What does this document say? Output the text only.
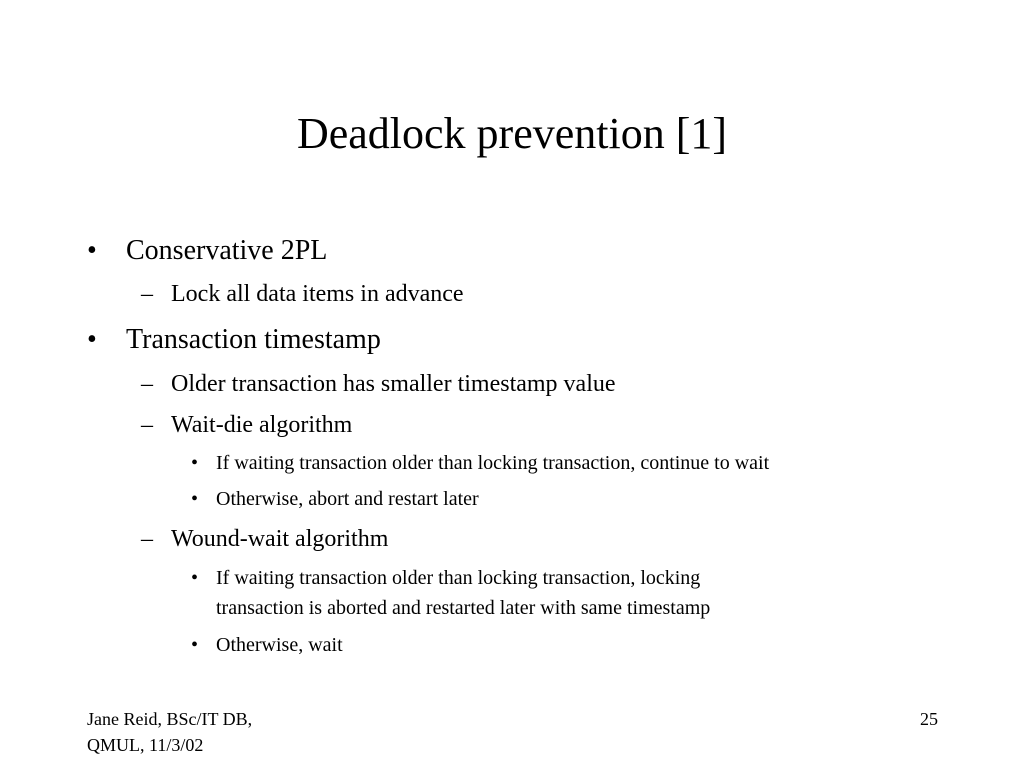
Deadlock prevention [1]
• Conservative 2PL
– Lock all data items in advance
• Transaction timestamp
– Older transaction has smaller timestamp value
– Wait-die algorithm
• If waiting transaction older than locking transaction, continue to wait
• Otherwise, abort and restart later
– Wound-wait algorithm
• If waiting transaction older than locking transaction, locking
transaction is aborted and restarted later with same timestamp
• Otherwise, wait
Jane Reid, BSc/IT DB,
QMUL, 11/3/02
25
